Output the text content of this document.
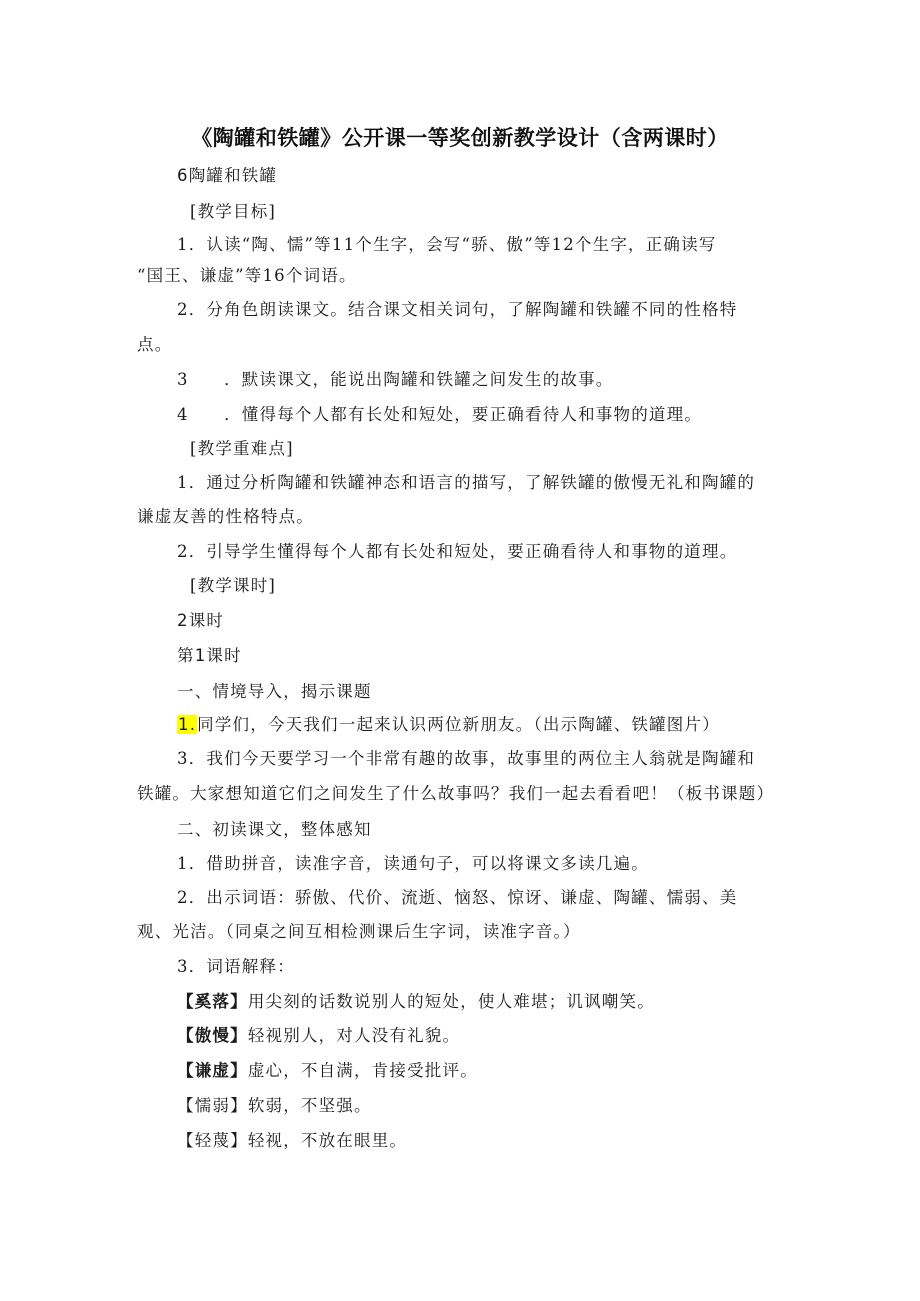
《陶罐和铁罐》公开课一等奖创新教学设计（含两课时）
6陶罐和铁罐
[教学目标]
1．认读“陶、懦”等11个生字，会写“骄、傲”等12个生字，正确读写
“国王、谦虚”等16个词语。
2．分角色朗读课文。结合课文相关词句，了解陶罐和铁罐不同的性格特
点。
3　　．默读课文，能说出陶罐和铁罐之间发生的故事。
4　　．懂得每个人都有长处和短处，要正确看待人和事物的道理。
[教学重难点]
1．通过分析陶罐和铁罐神态和语言的描写，了解铁罐的傲慢无礼和陶罐的
谦虚友善的性格特点。
2．引导学生懂得每个人都有长处和短处，要正确看待人和事物的道理。
[教学课时]
2课时
第1课时
一、情境导入，揭示课题
1.同学们，今天我们一起来认识两位新朋友。（出示陶罐、铁罐图片）
3．我们今天要学习一个非常有趣的故事，故事里的两位主人翁就是陶罐和
铁罐。大家想知道它们之间发生了什么故事吗？我们一起去看看吧！（板书课题）
二、初读课文，整体感知
1．借助拼音，读准字音，读通句子，可以将课文多读几遍。
2．出示词语：骄傲、代价、流逝、恼怒、惊讶、谦虚、陶罐、懦弱、美
观、光洁。（同桌之间互相检测课后生字词，读准字音。）
3．词语解释：
【奚落】用尖刻的话数说别人的短处，使人难堪；讥讽嘲笑。
【傲慢】轻视别人，对人没有礼貌。
【谦虚】虚心，不自满，肯接受批评。
【懦弱】软弱，不坚强。
【轻蔑】轻视，不放在眼里。
